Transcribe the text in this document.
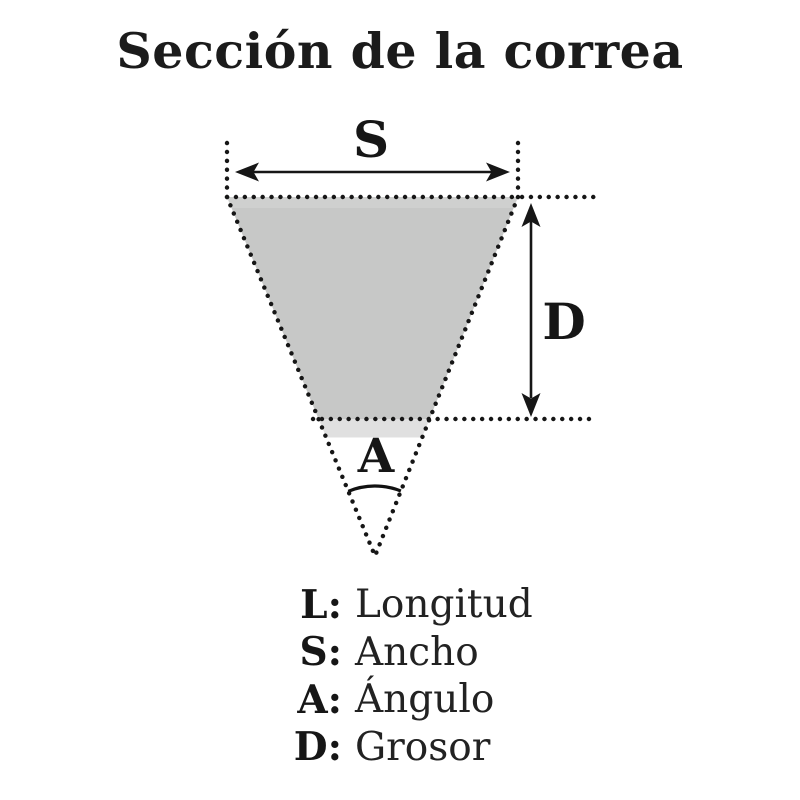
Sección de la correa
S
D
A
L: Longitud
S: Ancho
A: Ángulo
D: Grosor
